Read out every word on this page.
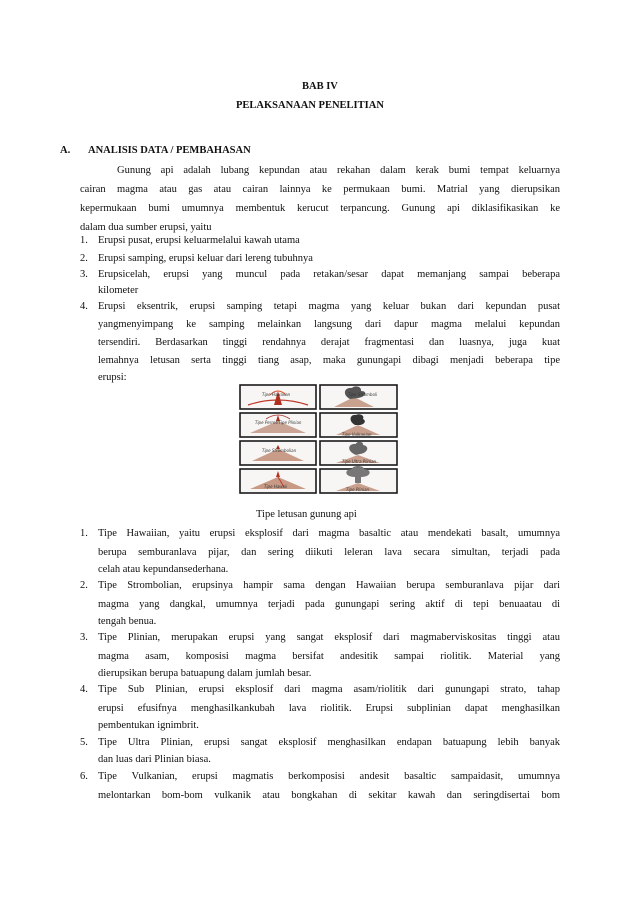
BAB IV
PELAKSANAAN PENELITIAN
A. ANALISIS DATA / PEMBAHASAN
Gunung api adalah lubang kepundan atau rekahan dalam kerak bumi tempat keluarnya
cairan magma atau gas atau cairan lainnya ke permukaan bumi. Matrial yang dierupsikan
kepermukaan bumi umumnya membentuk kerucut terpancung. Gunung api diklasifikasikan ke
dalam dua sumber erupsi, yaitu
1. Erupsi pusat, erupsi keluarmelalui kawah utama
2. Erupsi samping, erupsi keluar dari lereng tubuhnya
3. Erupsicelah, erupsi yang muncul pada retakan/sesar dapat memanjang sampai beberapa
kilometer
4. Erupsi eksentrik, erupsi samping tetapi magma yang keluar bukan dari kepundan pusat
yangmenyimpang ke samping melainkan langsung dari dapur magma melalui kepundan
tersendiri. Berdasarkan tinggi rendahnya derajat fragmentasi dan luasnya, juga kuat
lemahnya letusan serta tinggi tiang asap, maka gunungapi dibagi menjadi beberapa tipe
erupsi:
Tipe Hawaiian	Tipe Stromboli
Tipe Perret/Tipe Plinian
Tipe Vulkanian
Tipe Strombolian
Tipe Ultra Plinian
Tipe Hawaii
Tipe Plinian
Tipe letusan gunung api
1. Tipe Hawaiian, yaitu erupsi eksplosif dari magma basaltic atau mendekati basalt, umumnya
berupa semburanlava pijar, dan sering diikuti leleran lava secara simultan, terjadi pada
celah atau kepundansederhana.
2. Tipe Strombolian, erupsinya hampir sama dengan Hawaiian berupa semburanlava pijar dari
magma yang dangkal, umumnya terjadi pada gunungapi sering aktif di tepi benuaatau di
tengah benua.
3. Tipe Plinian, merupakan erupsi yang sangat eksplosif dari magmaberviskositas tinggi atau
magma asam, komposisi magma bersifat andesitik sampai riolitik. Material yang
dierupsikan berupa batuapung dalam jumlah besar.
4. Tipe Sub Plinian, erupsi eksplosif dari magma asam/riolitik dari gunungapi strato, tahap
erupsi efusifnya menghasilkankubah lava riolitik. Erupsi subplinian dapat menghasilkan
pembentukan ignimbrit.
5. Tipe Ultra Plinian, erupsi sangat eksplosif menghasilkan endapan batuapung lebih banyak
dan luas dari Plinian biasa.
6. Tipe Vulkanian, erupsi magmatis berkomposisi andesit basaltic sampaidasit, umumnya
melontarkan bom-bom vulkanik atau bongkahan di sekitar kawah dan seringdisertai bom
